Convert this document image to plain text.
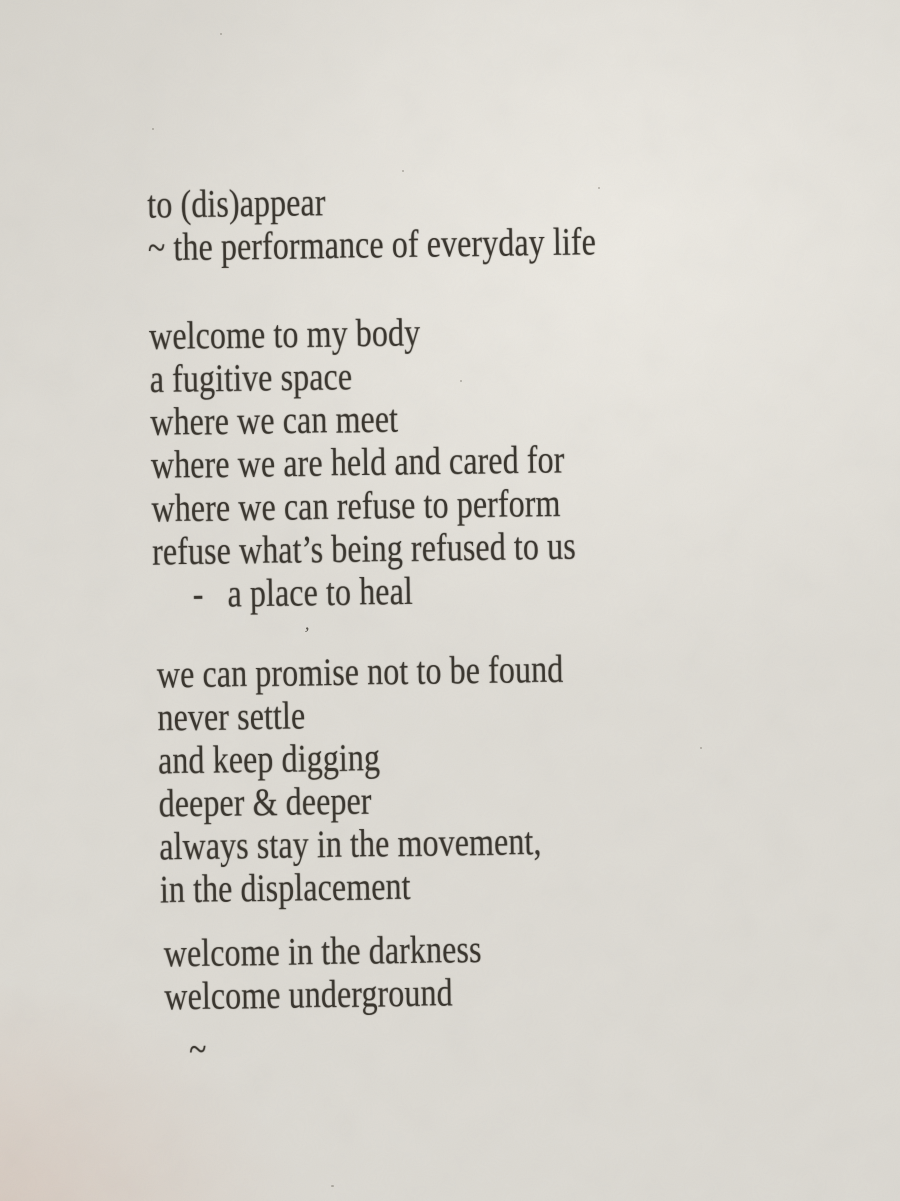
to (dis)appear
~ the performance of everyday life
welcome to my body
a fugitive space
where we can meet
where we are held and cared for
where we can refuse to perform
refuse what’s being refused to us
- a place to heal
we can promise not to be found
never settle
and keep digging
deeper & deeper
always stay in the movement,
in the displacement
welcome in the darkness
welcome underground
~
’
